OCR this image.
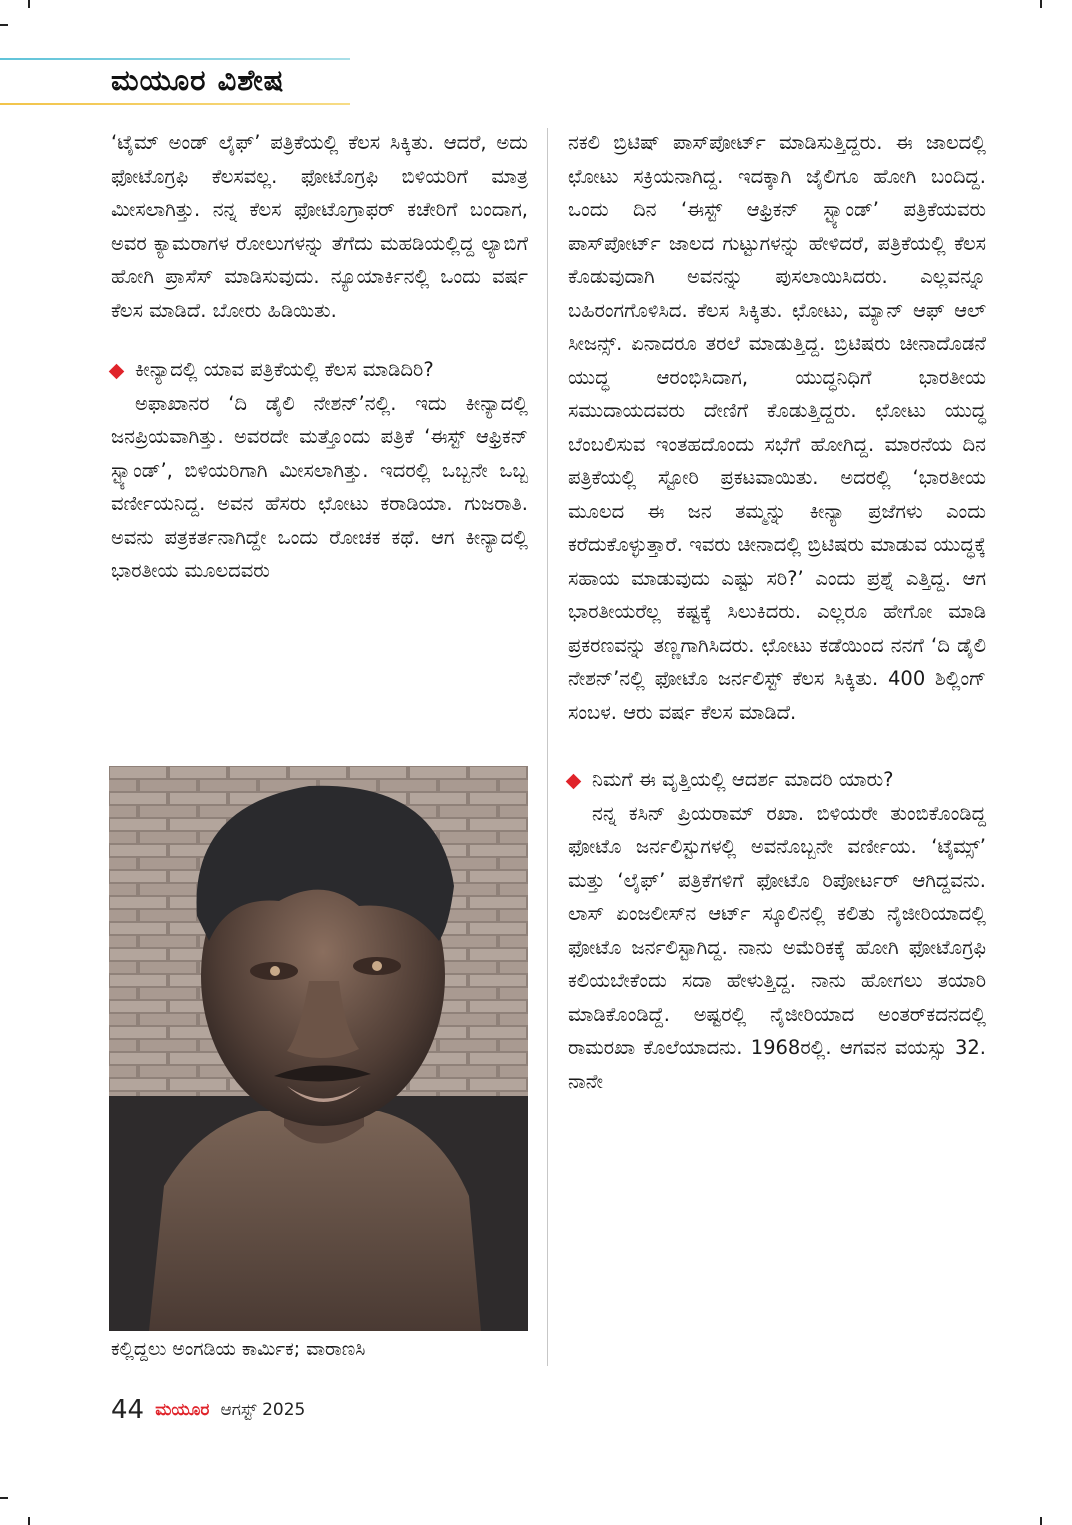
ಮಯೂರ ವಿಶೇಷ

‘ಟೈಮ್ ಅಂಡ್ ಲೈಫ್’ ಪತ್ರಿಕೆಯಲ್ಲಿ ಕೆಲಸ ಸಿಕ್ಕಿತು. ಆದರೆ, ಅದು ಫೋಟೊಗ್ರಫಿ ಕೆಲಸವಲ್ಲ. ಫೋಟೊಗ್ರಫಿ ಬಿಳಿಯರಿಗೆ ಮಾತ್ರ ಮೀಸಲಾಗಿತ್ತು. ನನ್ನ ಕೆಲಸ ಫೋಟೊಗ್ರಾಫರ್ ಕಚೇರಿಗೆ ಬಂದಾಗ, ಅವರ ಕ್ಯಾಮರಾಗಳ ರೋಲುಗಳನ್ನು ತೆಗೆದು ಮಹಡಿಯಲ್ಲಿದ್ದ ಲ್ಯಾಬಿಗೆ ಹೋಗಿ ಪ್ರಾಸೆಸ್ ಮಾಡಿಸುವುದು. ನ್ಯೂಯಾರ್ಕಿನಲ್ಲಿ ಒಂದು ವರ್ಷ ಕೆಲಸ ಮಾಡಿದೆ. ಬೋರು ಹಿಡಿಯಿತು.

ಕೀನ್ಯಾದಲ್ಲಿ ಯಾವ ಪತ್ರಿಕೆಯಲ್ಲಿ ಕೆಲಸ ಮಾಡಿದಿರಿ?

ಅಫಾಖಾನರ ‘ದಿ ಡೈಲಿ ನೇಶನ್’ನಲ್ಲಿ. ಇದು ಕೀನ್ಯಾದಲ್ಲಿ ಜನಪ್ರಿಯವಾಗಿತ್ತು. ಅವರದೇ ಮತ್ತೊಂದು ಪತ್ರಿಕೆ ‘ಈಸ್ಟ್ ಆಫ್ರಿಕನ್ ಸ್ಟ್ಯಾಂಡ್’, ಬಿಳಿಯರಿಗಾಗಿ ಮೀಸಲಾಗಿತ್ತು. ಇದರಲ್ಲಿ ಒಬ್ಬನೇ ಒಬ್ಬ ವರ್ಣೀಯನಿದ್ದ. ಅವನ ಹೆಸರು ಛೋಟು ಕರಾಡಿಯಾ. ಗುಜರಾತಿ. ಅವನು ಪತ್ರಕರ್ತನಾಗಿದ್ದೇ ಒಂದು ರೋಚಕ ಕಥೆ. ಆಗ ಕೀನ್ಯಾದಲ್ಲಿ ಭಾರತೀಯ ಮೂಲದವರು

ಕಲ್ಲಿದ್ದಲು ಅಂಗಡಿಯ ಕಾರ್ಮಿಕ; ವಾರಾಣಸಿ

ನಕಲಿ ಬ್ರಿಟಿಷ್ ಪಾಸ್‌ಪೋರ್ಟ್ ಮಾಡಿಸುತ್ತಿದ್ದರು. ಈ ಜಾಲದಲ್ಲಿ ಛೋಟು ಸಕ್ರಿಯನಾಗಿದ್ದ. ಇದಕ್ಕಾಗಿ ಜೈಲಿಗೂ ಹೋಗಿ ಬಂದಿದ್ದ. ಒಂದು ದಿನ ‘ಈಸ್ಟ್ ಆಫ್ರಿಕನ್ ಸ್ಟ್ಯಾಂಡ್’ ಪತ್ರಿಕೆಯವರು ಪಾಸ್‌ಪೋರ್ಟ್ ಜಾಲದ ಗುಟ್ಟುಗಳನ್ನು ಹೇಳಿದರೆ, ಪತ್ರಿಕೆಯಲ್ಲಿ ಕೆಲಸ ಕೊಡುವುದಾಗಿ ಅವನನ್ನು ಪುಸಲಾಯಿಸಿದರು. ಎಲ್ಲವನ್ನೂ ಬಹಿರಂಗಗೊಳಿಸಿದ. ಕೆಲಸ ಸಿಕ್ಕಿತು. ಛೋಟು, ಮ್ಯಾನ್ ಆಫ್ ಆಲ್ ಸೀಜನ್ಸ್. ಏನಾದರೂ ತರಲೆ ಮಾಡುತ್ತಿದ್ದ. ಬ್ರಿಟಿಷರು ಚೀನಾದೊಡನೆ ಯುದ್ಧ ಆರಂಭಿಸಿದಾಗ, ಯುದ್ಧನಿಧಿಗೆ ಭಾರತೀಯ ಸಮುದಾಯದವರು ದೇಣಿಗೆ ಕೊಡುತ್ತಿದ್ದರು. ಛೋಟು ಯುದ್ಧ ಬೆಂಬಲಿಸುವ ಇಂತಹದೊಂದು ಸಭೆಗೆ ಹೋಗಿದ್ದ. ಮಾರನೆಯ ದಿನ ಪತ್ರಿಕೆಯಲ್ಲಿ ಸ್ಟೋರಿ ಪ್ರಕಟವಾಯಿತು. ಅದರಲ್ಲಿ ‘ಭಾರತೀಯ ಮೂಲದ ಈ ಜನ ತಮ್ಮನ್ನು ಕೀನ್ಯಾ ಪ್ರಜೆಗಳು ಎಂದು ಕರೆದುಕೊಳ್ಳುತ್ತಾರೆ. ಇವರು ಚೀನಾದಲ್ಲಿ ಬ್ರಿಟಿಷರು ಮಾಡುವ ಯುದ್ಧಕ್ಕೆ ಸಹಾಯ ಮಾಡುವುದು ಎಷ್ಟು ಸರಿ?’ ಎಂದು ಪ್ರಶ್ನೆ ಎತ್ತಿದ್ದ. ಆಗ ಭಾರತೀಯರೆಲ್ಲ ಕಷ್ಟಕ್ಕೆ ಸಿಲುಕಿದರು. ಎಲ್ಲರೂ ಹೇಗೋ ಮಾಡಿ ಪ್ರಕರಣವನ್ನು ತಣ್ಣಗಾಗಿಸಿದರು. ಛೋಟು ಕಡೆಯಿಂದ ನನಗೆ ‘ದಿ ಡೈಲಿ ನೇಶನ್’ನಲ್ಲಿ ಫೋಟೊ ಜರ್ನಲಿಸ್ಟ್ ಕೆಲಸ ಸಿಕ್ಕಿತು. 400 ಶಿಲ್ಲಿಂಗ್ ಸಂಬಳ. ಆರು ವರ್ಷ ಕೆಲಸ ಮಾಡಿದೆ.

ನಿಮಗೆ ಈ ವೃತ್ತಿಯಲ್ಲಿ ಆದರ್ಶ ಮಾದರಿ ಯಾರು?

ನನ್ನ ಕಸಿನ್ ಪ್ರಿಯರಾಮ್ ರಖಾ. ಬಿಳಿಯರೇ ತುಂಬಿಕೊಂಡಿದ್ದ ಫೋಟೊ ಜರ್ನಲಿಸ್ಟುಗಳಲ್ಲಿ ಅವನೊಬ್ಬನೇ ವರ್ಣೀಯ. ‘ಟೈಮ್ಸ್’ ಮತ್ತು ‘ಲೈಫ್’ ಪತ್ರಿಕೆಗಳಿಗೆ ಫೋಟೊ ರಿಪೋರ್ಟರ್ ಆಗಿದ್ದವನು. ಲಾಸ್ ಏಂಜಲೀಸ್‌ನ ಆರ್ಟ್ ಸ್ಕೂಲಿನಲ್ಲಿ ಕಲಿತು ನೈಜೀರಿಯಾದಲ್ಲಿ ಫೋಟೊ ಜರ್ನಲಿಸ್ಟಾಗಿದ್ದ. ನಾನು ಅಮೆರಿಕಕ್ಕೆ ಹೋಗಿ ಫೋಟೊಗ್ರಫಿ ಕಲಿಯಬೇಕೆಂದು ಸದಾ ಹೇಳುತ್ತಿದ್ದ. ನಾನು ಹೋಗಲು ತಯಾರಿ ಮಾಡಿಕೊಂಡಿದ್ದೆ. ಅಷ್ಟರಲ್ಲಿ ನೈಜೀರಿಯಾದ ಅಂತರ್‌ಕದನದಲ್ಲಿ ರಾಮರಖಾ ಕೊಲೆಯಾದನು. 1968ರಲ್ಲಿ. ಆಗವನ ವಯಸ್ಸು 32. ನಾನೇ

44 ಮಯೂರ ಆಗಸ್ಟ್ 2025
